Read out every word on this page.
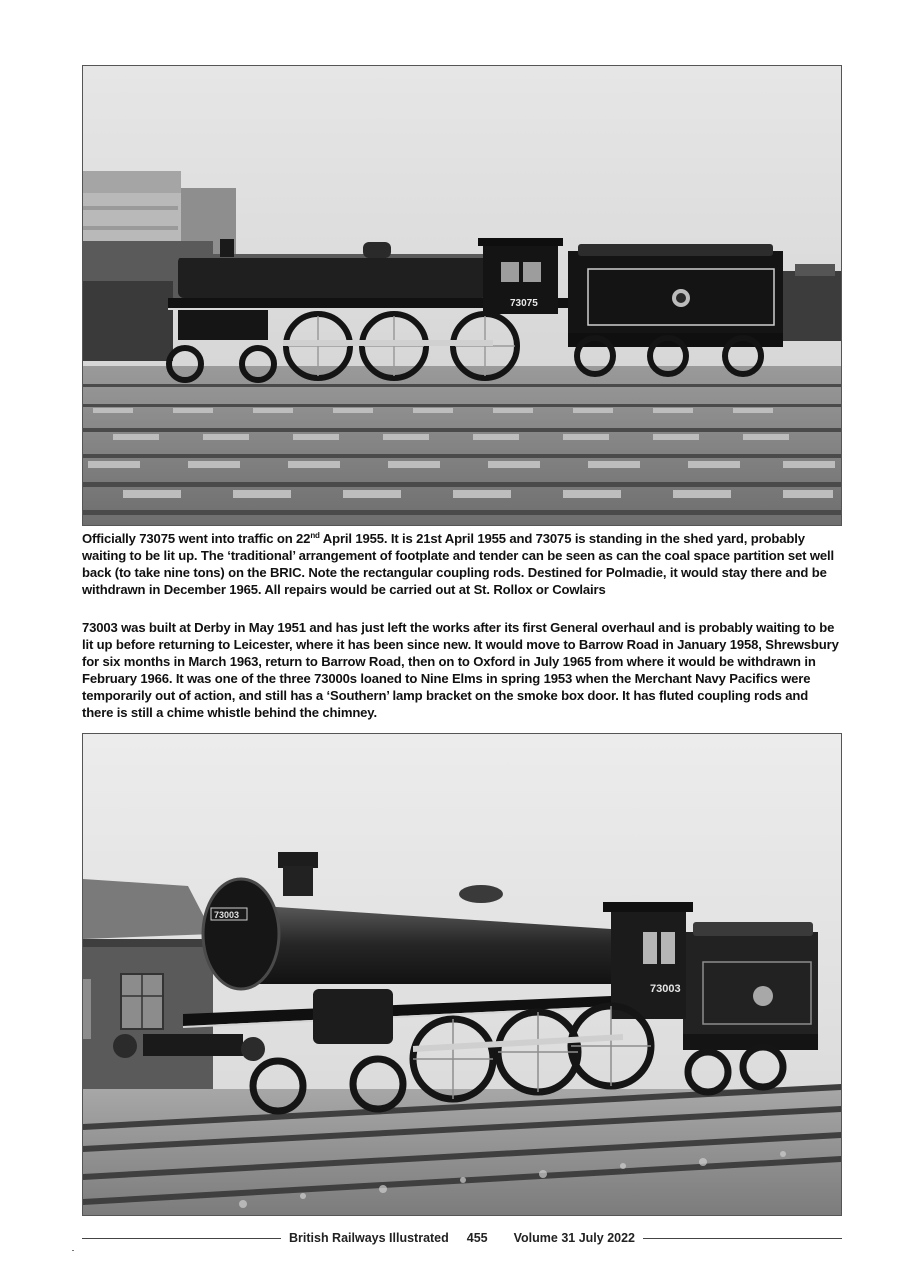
73075

Officially 73075 went into traffic on 22nd April 1955. It is 21st April 1955 and 73075 is standing in the shed yard, probably waiting to be lit up. The ‘traditional’ arrangement of footplate and tender can be seen as can the coal space partition set well back (to take nine tons) on the BRIC. Note the rectangular coupling rods. Destined for Polmadie, it would stay there and be withdrawn in December 1965. All repairs would be carried out at St. Rollox or Cowlairs

73003 was built at Derby in May 1951 and has just left the works after its first General overhaul and is probably waiting to be lit up before returning to Leicester, where it has been since new. It would move to Barrow Road in January 1958, Shrewsbury for six months in March 1963, return to Barrow Road, then on to Oxford in July 1965 from where it would be withdrawn in February 1966. It was one of the three 73000s loaned to Nine Elms in spring 1953 when the Merchant Navy Pacifics were temporarily out of action, and still has a ‘Southern’ lamp bracket on the smoke box door. It has fluted coupling rods and there is still a chime whistle behind the chimney.

73003
73003
British Railways Illustrated 455 Volume 31 July 2022
